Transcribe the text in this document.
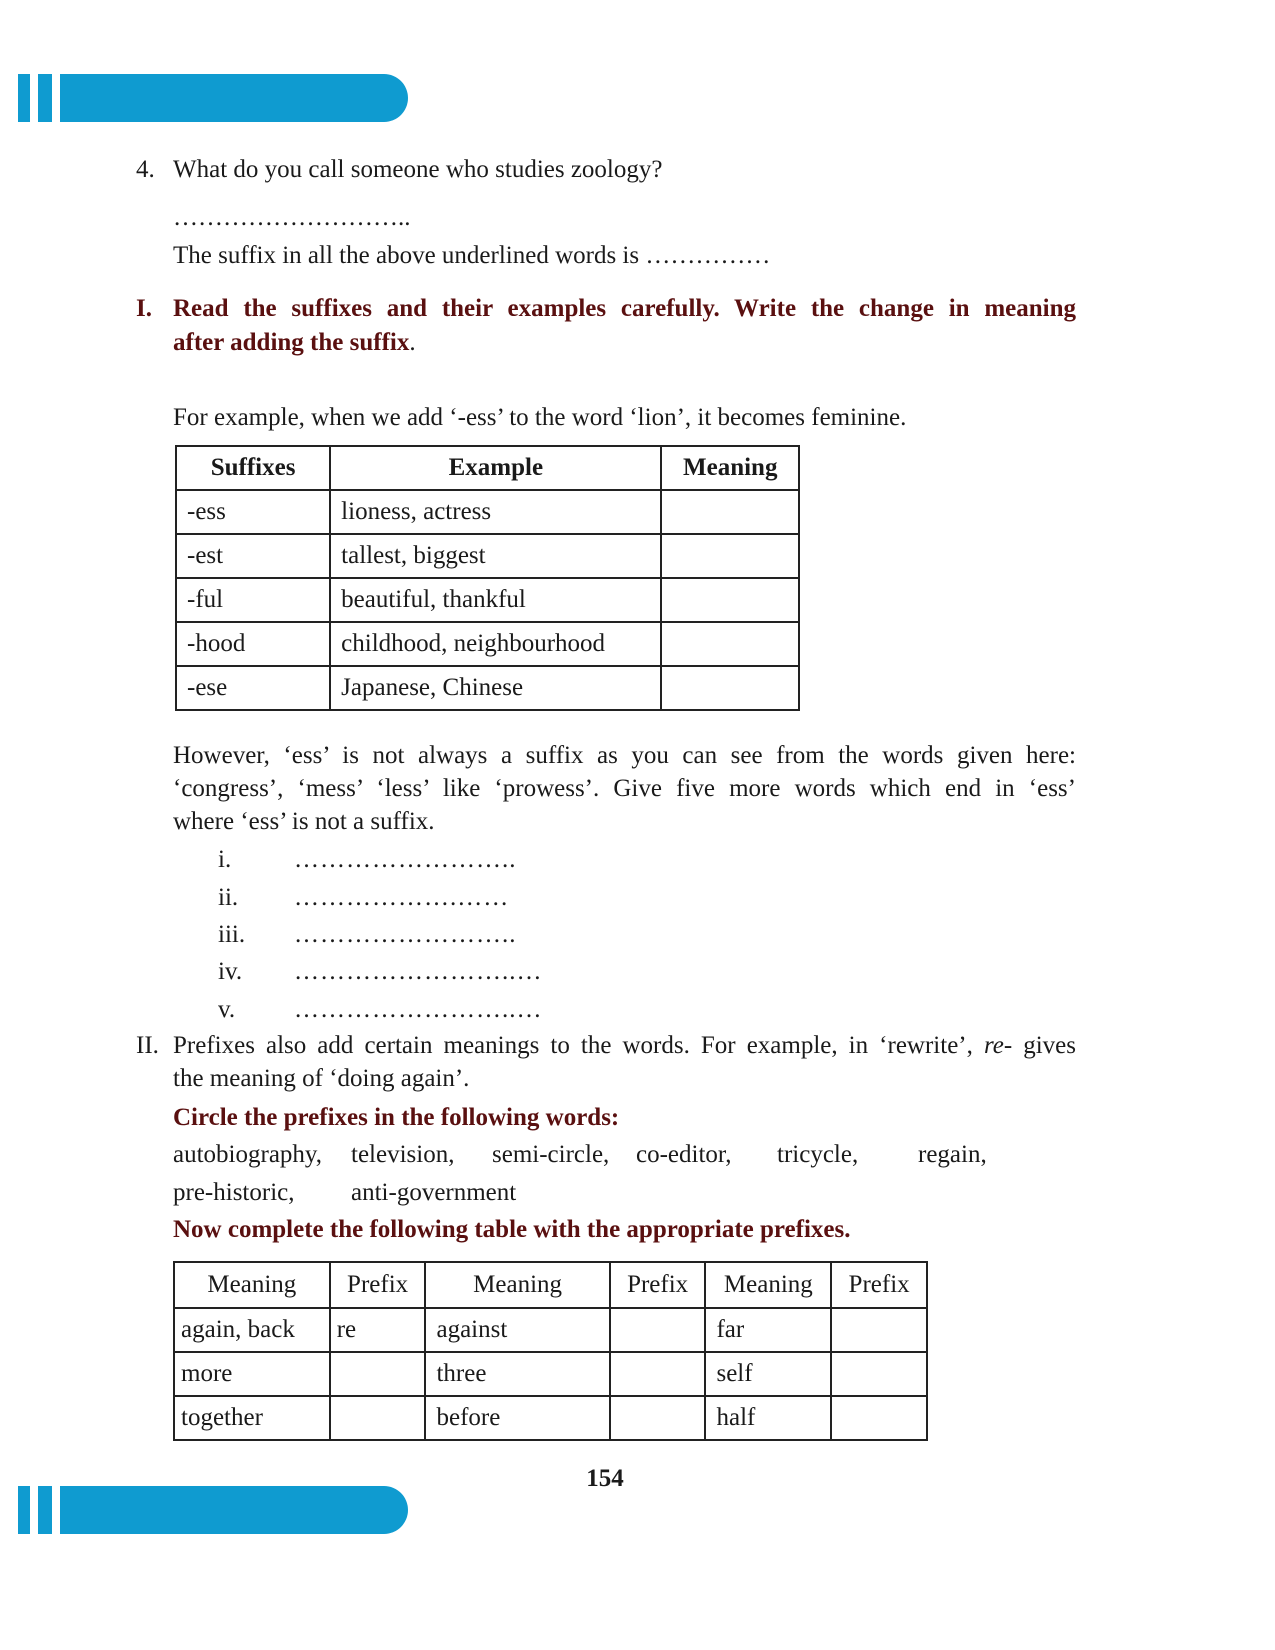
4. What do you call someone who studies zoology?
………………………..
The suffix in all the above underlined words is ……………
I. Read the suffixes and their examples carefully. Write the change in meaning
after adding the suffix.
For example, when we add ‘-ess’ to the word ‘lion’, it becomes feminine.
Suffixes	Example	Meaning
-ess	lioness, actress	
-est	tallest, biggest	
-ful	beautiful, thankful	
-hood	childhood, neighbourhood	
-ese	Japanese, Chinese	
However, ‘ess’ is not always a suffix as you can see from the words given here:
‘congress’, ‘mess’ ‘less’ like ‘prowess’. Give five more words which end in ‘ess’
where ‘ess’ is not a suffix.
i.	……………………..
ii.	……………….……
iii.	……………………..
iv.	……………………..…
v.	……………………..…
II. Prefixes also add certain meanings to the words. For example, in ‘rewrite’, re- gives
the meaning of ‘doing again’.
Circle the prefixes in the following words:
autobiography, television, semi-circle, co-editor, tricycle, regain,
pre-historic, anti-government
Now complete the following table with the appropriate prefixes.
Meaning	Prefix	Meaning	Prefix	Meaning	Prefix
again, back	re	against		far	
more		three		self	
together		before		half	
154
